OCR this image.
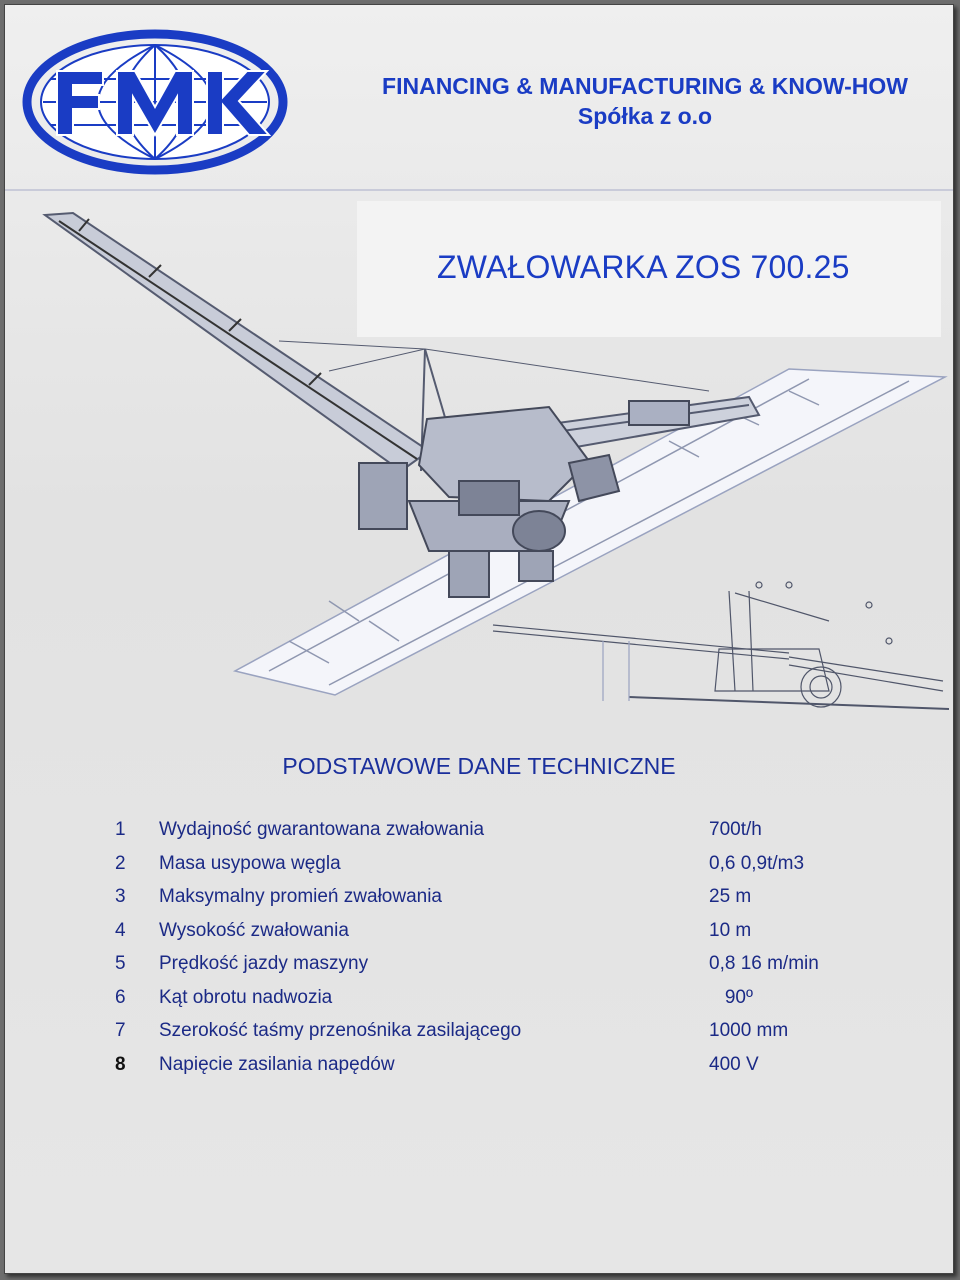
FINANCING & MANUFACTURING & KNOW-HOW
Spółka z o.o
ZWAŁOWARKA ZOS 700.25
PODSTAWOWE DANE TECHNICZNE
1	Wydajność gwarantowana zwałowania	700t/h
2	Masa usypowa węgla	0,6 0,9t/m3
3	Maksymalny promień zwałowania	25 m
4	Wysokość zwałowania	10 m
5	Prędkość jazdy maszyny	0,8 16 m/min
6	Kąt obrotu nadwozia	90º
7	Szerokość taśmy przenośnika zasilającego	1000 mm
8	Napięcie zasilania napędów	400 V
